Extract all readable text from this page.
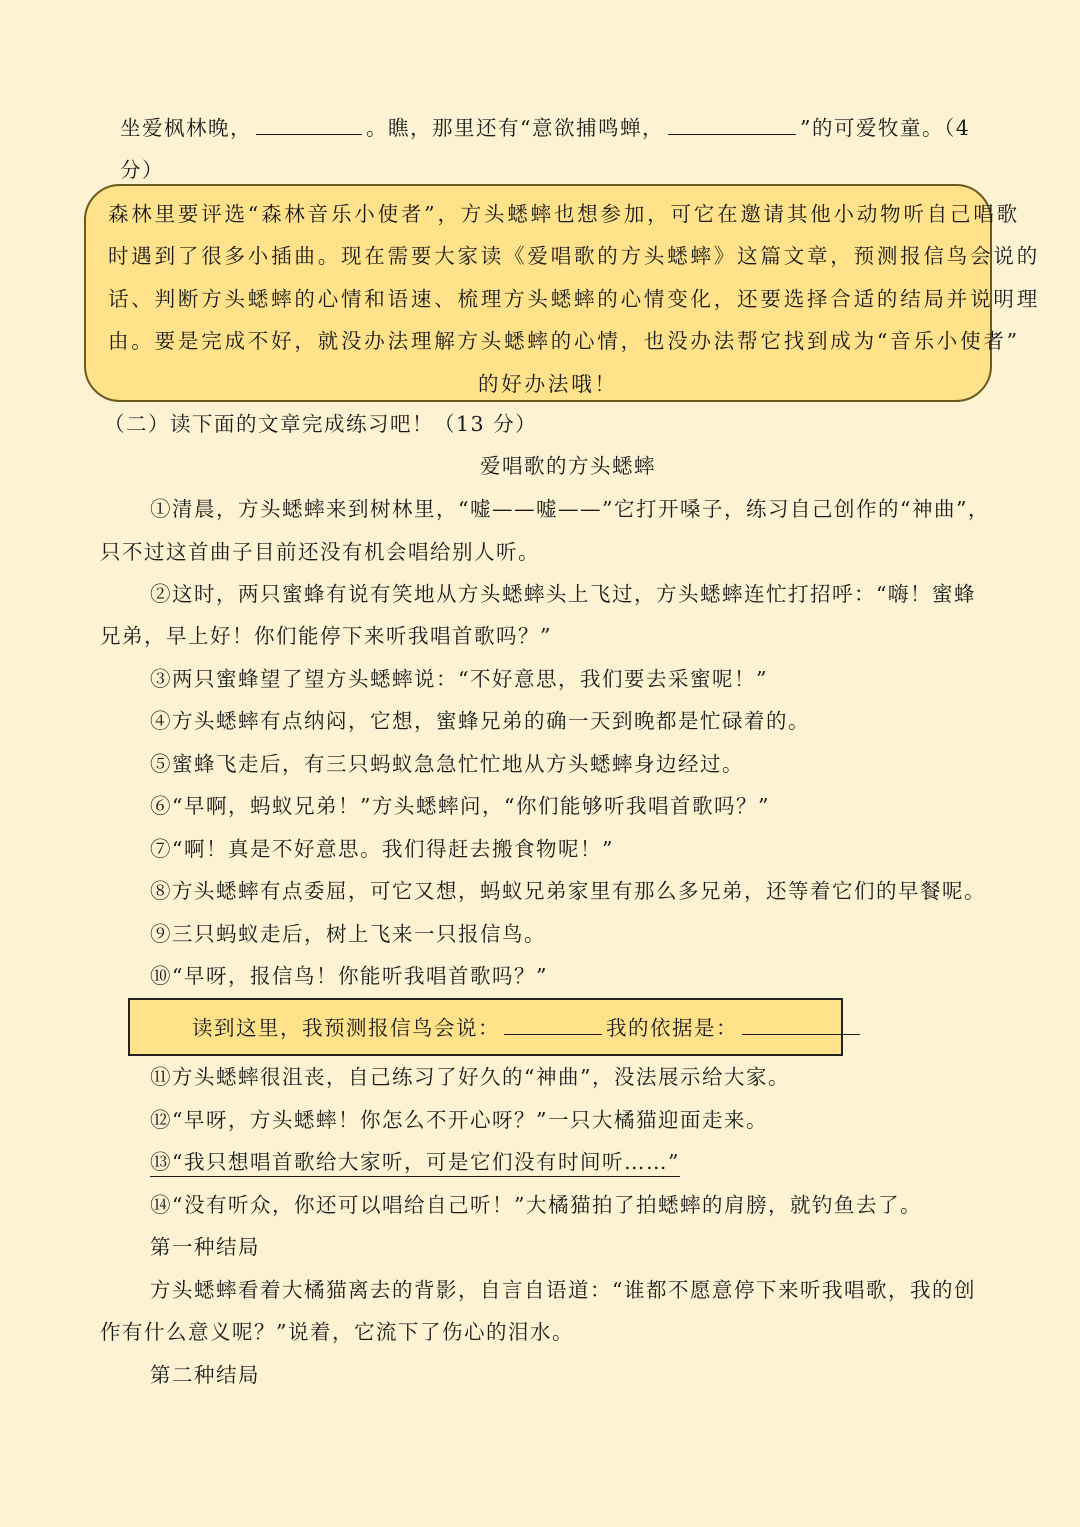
坐爱枫林晚，	。瞧，那里还有“意欲捕鸣蝉，	”的可爱牧童。（4
分）
森林里要评选“森林音乐小使者”，方头蟋蟀也想参加，可它在邀请其他小动物听自己唱歌
时遇到了很多小插曲。现在需要大家读《爱唱歌的方头蟋蟀》这篇文章，预测报信鸟会说的
话、判断方头蟋蟀的心情和语速、梳理方头蟋蟀的心情变化，还要选择合适的结局并说明理
由。要是完成不好，就没办法理解方头蟋蟀的心情，也没办法帮它找到成为“音乐小使者”
的好办法哦！
（二）读下面的文章完成练习吧！（13 分）
爱唱歌的方头蟋蟀
①清晨，方头蟋蟀来到树林里，“嘘——嘘——”它打开嗓子，练习自己创作的“神曲”，
只不过这首曲子目前还没有机会唱给别人听。
②这时，两只蜜蜂有说有笑地从方头蟋蟀头上飞过，方头蟋蟀连忙打招呼：“嗨！蜜蜂
兄弟，早上好！你们能停下来听我唱首歌吗？”
③两只蜜蜂望了望方头蟋蟀说：“不好意思，我们要去采蜜呢！”
④方头蟋蟀有点纳闷，它想，蜜蜂兄弟的确一天到晚都是忙碌着的。
⑤蜜蜂飞走后，有三只蚂蚁急急忙忙地从方头蟋蟀身边经过。
⑥“早啊，蚂蚁兄弟！”方头蟋蟀问，“你们能够听我唱首歌吗？”
⑦“啊！真是不好意思。我们得赶去搬食物呢！”
⑧方头蟋蟀有点委屈，可它又想，蚂蚁兄弟家里有那么多兄弟，还等着它们的早餐呢。
⑨三只蚂蚁走后，树上飞来一只报信鸟。
⑩“早呀，报信鸟！你能听我唱首歌吗？”
读到这里，我预测报信鸟会说：	我的依据是：
⑪方头蟋蟀很沮丧，自己练习了好久的“神曲”，没法展示给大家。
⑫“早呀，方头蟋蟀！你怎么不开心呀？”一只大橘猫迎面走来。
⑬“我只想唱首歌给大家听，可是它们没有时间听……”
⑭“没有听众，你还可以唱给自己听！”大橘猫拍了拍蟋蟀的肩膀，就钓鱼去了。
第一种结局
方头蟋蟀看着大橘猫离去的背影，自言自语道：“谁都不愿意停下来听我唱歌，我的创
作有什么意义呢？”说着，它流下了伤心的泪水。
第二种结局
